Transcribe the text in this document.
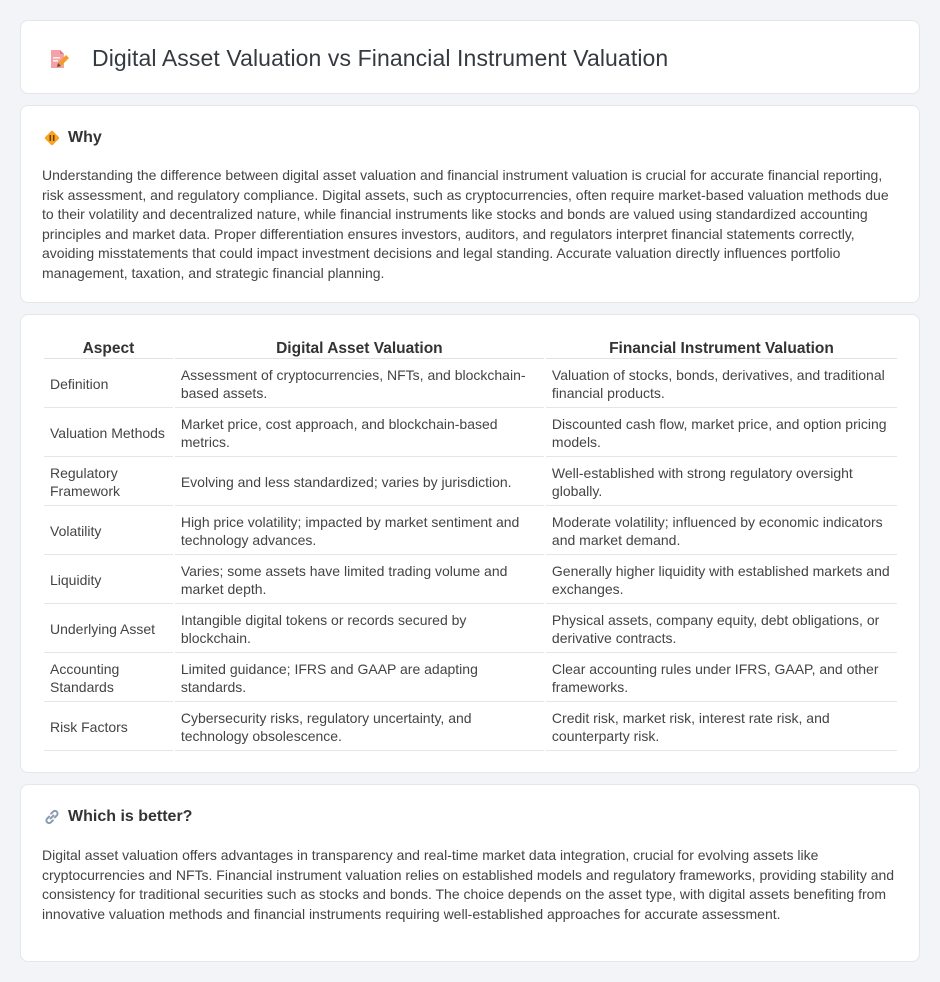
Digital Asset Valuation vs Financial Instrument Valuation
Why

Understanding the difference between digital asset valuation and financial instrument valuation is crucial for accurate financial reporting, risk assessment, and regulatory compliance. Digital assets, such as cryptocurrencies, often require market-based valuation methods due to their volatility and decentralized nature, while financial instruments like stocks and bonds are valued using standardized accounting principles and market data. Proper differentiation ensures investors, auditors, and regulators interpret financial statements correctly, avoiding misstatements that could impact investment decisions and legal standing. Accurate valuation directly influences portfolio management, taxation, and strategic financial planning.

Aspect	Digital Asset Valuation	Financial Instrument Valuation
Definition	Assessment of cryptocurrencies, NFTs, and blockchain-based assets.	Valuation of stocks, bonds, derivatives, and traditional financial products.
Valuation Methods	Market price, cost approach, and blockchain-based metrics.	Discounted cash flow, market price, and option pricing models.
Regulatory Framework	Evolving and less standardized; varies by jurisdiction.	Well-established with strong regulatory oversight globally.
Volatility	High price volatility; impacted by market sentiment and technology advances.	Moderate volatility; influenced by economic indicators and market demand.
Liquidity	Varies; some assets have limited trading volume and market depth.	Generally higher liquidity with established markets and exchanges.
Underlying Asset	Intangible digital tokens or records secured by blockchain.	Physical assets, company equity, debt obligations, or derivative contracts.
Accounting Standards	Limited guidance; IFRS and GAAP are adapting standards.	Clear accounting rules under IFRS, GAAP, and other frameworks.
Risk Factors	Cybersecurity risks, regulatory uncertainty, and technology obsolescence.	Credit risk, market risk, interest rate risk, and counterparty risk.
Which is better?

Digital asset valuation offers advantages in transparency and real-time market data integration, crucial for evolving assets like cryptocurrencies and NFTs. Financial instrument valuation relies on established models and regulatory frameworks, providing stability and consistency for traditional securities such as stocks and bonds. The choice depends on the asset type, with digital assets benefiting from innovative valuation methods and financial instruments requiring well-established approaches for accurate assessment.
